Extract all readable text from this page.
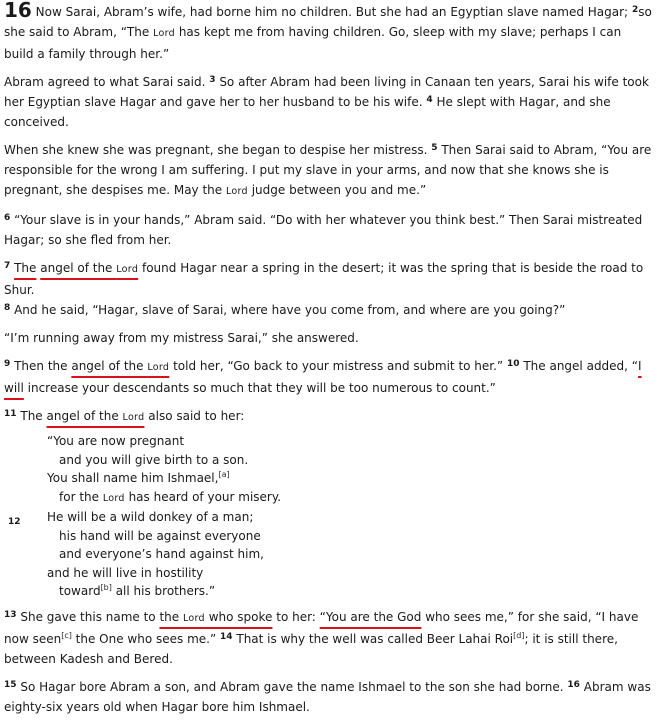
16 Now Sarai, Abram’s wife, had borne him no children. But she had an Egyptian slave named Hagar; $^2$so she said to Abram, “The Lord has kept me from having children. Go, sleep with my slave; perhaps I can build a family through her.”

Abram agreed to what Sarai said. $^3$ So after Abram had been living in Canaan ten years, Sarai his wife took her Egyptian slave Hagar and gave her to her husband to be his wife. $^4$ He slept with Hagar, and she conceived.

When she knew she was pregnant, she began to despise her mistress. $^5$ Then Sarai said to Abram, “You are responsible for the wrong I am suffering. I put my slave in your arms, and now that she knows she is pregnant, she despises me. May the Lord judge between you and me.”

$^6$ “Your slave is in your hands,” Abram said. “Do with her whatever you think best.” Then Sarai mistreated Hagar; so she fled from her.

$^7$ The angel of the Lord found Hagar near a spring in the desert; it was the spring that is beside the road to Shur.
$^8$ And he said, “Hagar, slave of Sarai, where have you come from, and where are you going?”

“I’m running away from my mistress Sarai,” she answered.

$^9$ Then the angel of the Lord told her, “Go back to your mistress and submit to her.” $^{10}$ The angel added, “I will increase your descendants so much that they will be too numerous to count.”

$^{11}$ The angel of the Lord also said to her:

“You are now pregnant
and you will give birth to a son.
You shall name him Ishmael,[a]
for the Lord has heard of your misery.
12	He will be a wild donkey of a man;
his hand will be against everyone
and everyone’s hand against him,
and he will live in hostility
toward[b] all his brothers.”

$^{13}$ She gave this name to the Lord who spoke to her: “You are the God who sees me,” for she said, “I have now seen[c] the One who sees me.” $^{14}$ That is why the well was called Beer Lahai Roi[d]; it is still there, between Kadesh and Bered.

$^{15}$ So Hagar bore Abram a son, and Abram gave the name Ishmael to the son she had borne. $^{16}$ Abram was eighty-six years old when Hagar bore him Ishmael.
